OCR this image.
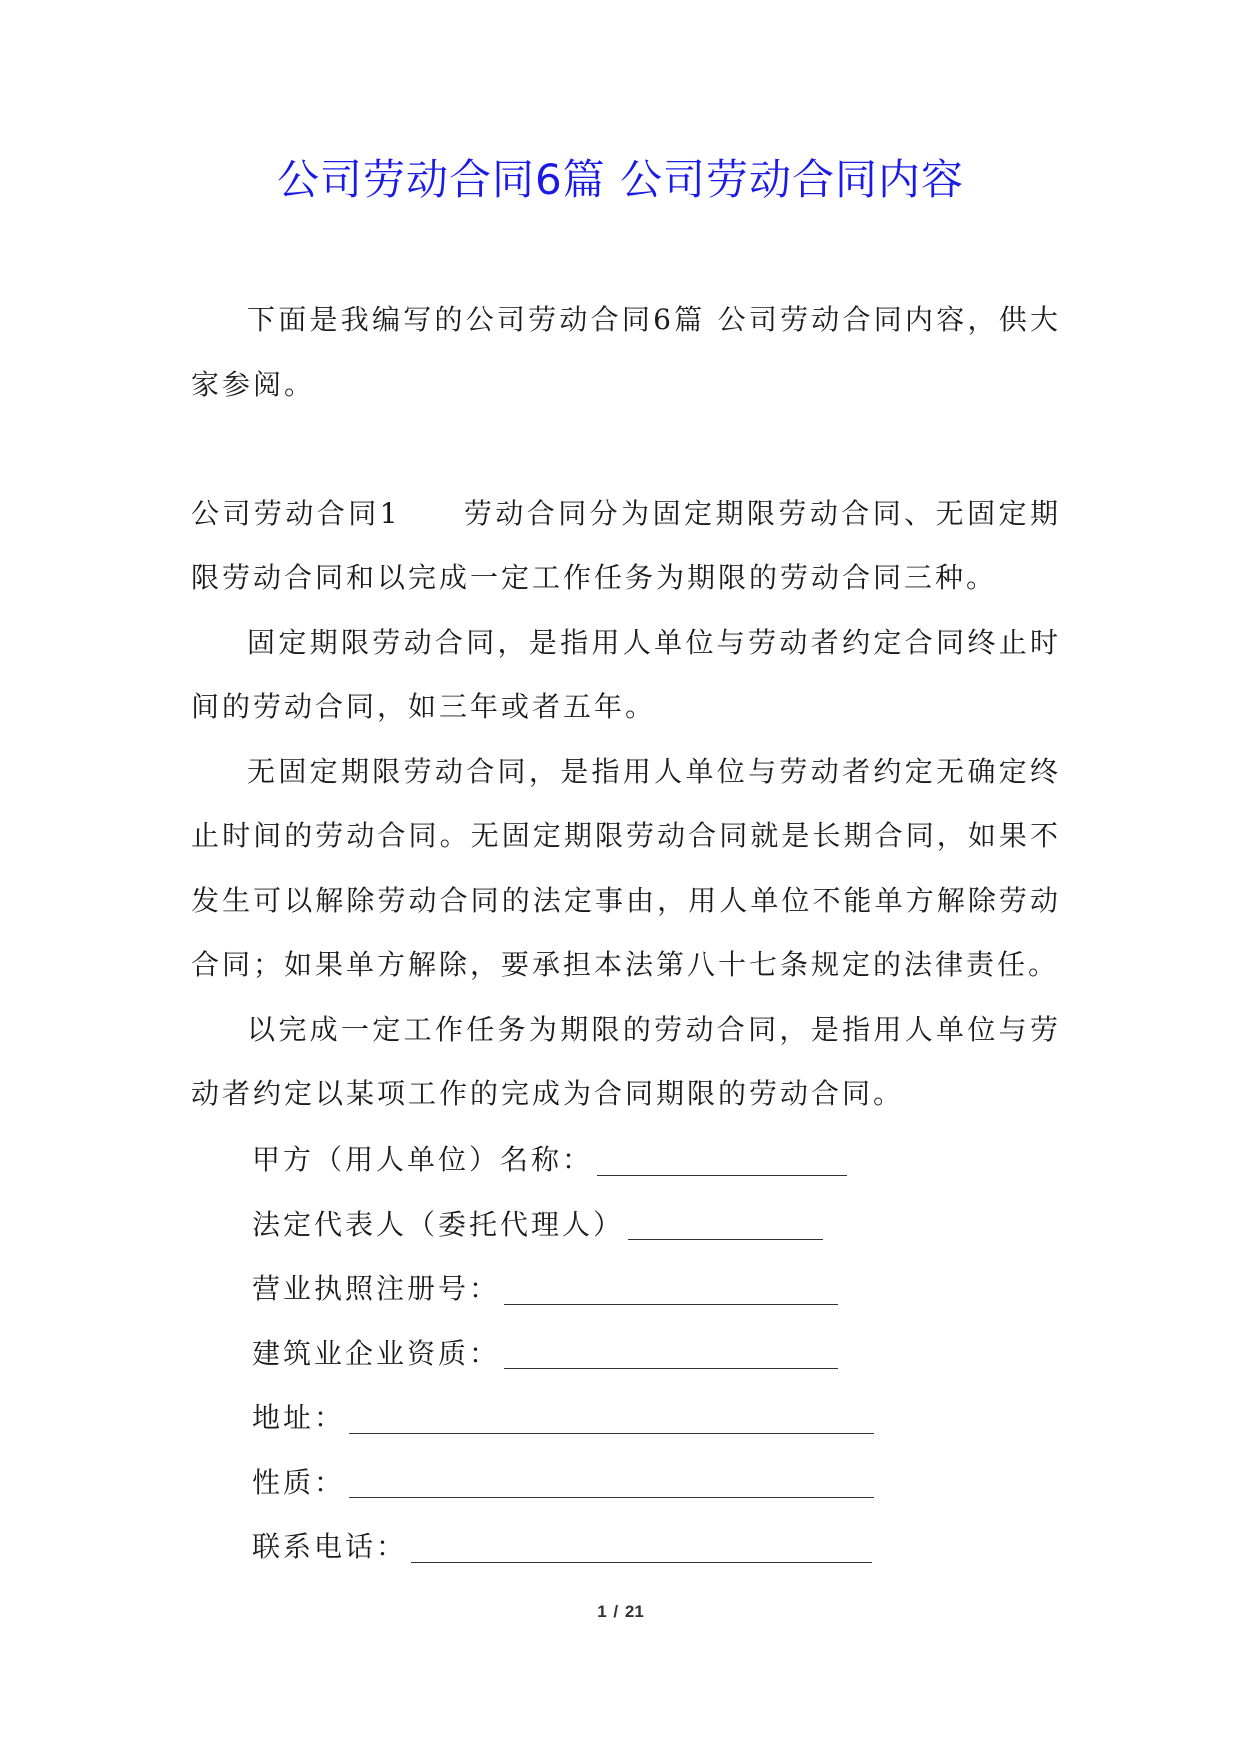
公司劳动合同6篇 公司劳动合同内容

下面是我编写的公司劳动合同6篇 公司劳动合同内容，供大家参阅。

公司劳动合同1　　劳动合同分为固定期限劳动合同、无固定期限劳动合同和以完成一定工作任务为期限的劳动合同三种。

固定期限劳动合同，是指用人单位与劳动者约定合同终止时间的劳动合同，如三年或者五年。

无固定期限劳动合同，是指用人单位与劳动者约定无确定终止时间的劳动合同。无固定期限劳动合同就是长期合同，如果不发生可以解除劳动合同的法定事由，用人单位不能单方解除劳动合同；如果单方解除，要承担本法第八十七条规定的法律责任。

以完成一定工作任务为期限的劳动合同，是指用人单位与劳动者约定以某项工作的完成为合同期限的劳动合同。

甲方（用人单位）名称：
法定代表人（委托代理人）
营业执照注册号：
建筑业企业资质：
地址：
性质：
联系电话：
1 / 21
